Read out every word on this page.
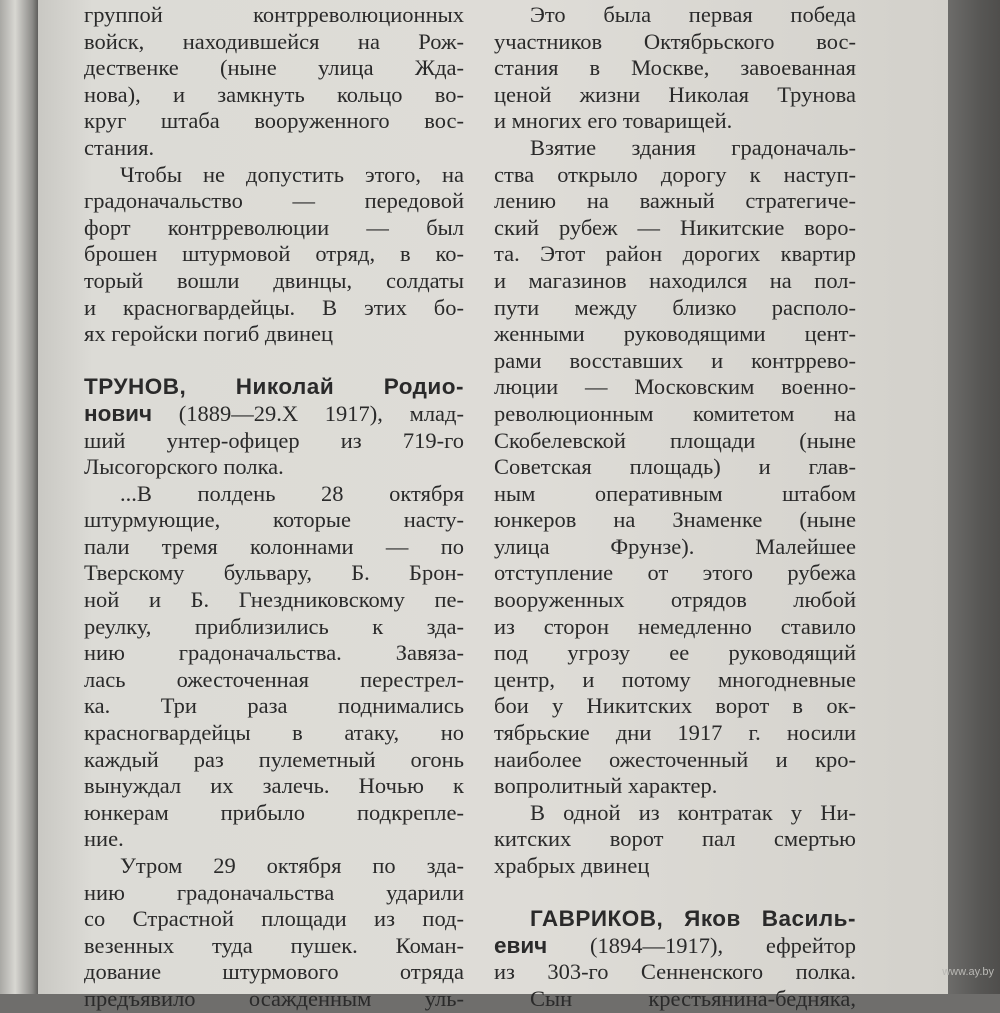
группой контрреволюционных
войск, находившейся на Рож-
дественке (ныне улица Жда-
нова), и замкнуть кольцо во-
круг штаба вооруженного вос-
стания.
Чтобы не допустить этого, на
градоначальство — передовой
форт контрреволюции — был
брошен штурмовой отряд, в ко-
торый вошли двинцы, солдаты
и красногвардейцы. В этих бо-
ях геройски погиб двинец
ТРУНОВ, Николай Родио-
нович (1889—29.X 1917), млад-
ший унтер-офицер из 719-го
Лысогорского полка.
...В полдень 28 октября
штурмующие, которые насту-
пали тремя колоннами — по
Тверскому бульвару, Б. Брон-
ной и Б. Гнездниковскому пе-
реулку, приблизились к зда-
нию градоначальства. Завяза-
лась ожесточенная перестрел-
ка. Три раза поднимались
красногвардейцы в атаку, но
каждый раз пулеметный огонь
вынуждал их залечь. Ночью к
юнкерам прибыло подкрепле-
ние.
Утром 29 октября по зда-
нию градоначальства ударили
со Страстной площади из под-
везенных туда пушек. Коман-
дование штурмового отряда
предъявило осажденным уль-
Это была первая победа
участников Октябрьского вос-
стания в Москве, завоеванная
ценой жизни Николая Трунова
и многих его товарищей.
Взятие здания градоначаль-
ства открыло дорогу к наступ-
лению на важный стратегиче-
ский рубеж — Никитские воро-
та. Этот район дорогих квартир
и магазинов находился на пол-
пути между близко располо-
женными руководящими цент-
рами восставших и контррево-
люции — Московским военно-
революционным комитетом на
Скобелевской площади (ныне
Советская площадь) и глав-
ным оперативным штабом
юнкеров на Знаменке (ныне
улица Фрунзе). Малейшее
отступление от этого рубежа
вооруженных отрядов любой
из сторон немедленно ставило
под угрозу ее руководящий
центр, и потому многодневные
бои у Никитских ворот в ок-
тябрьские дни 1917 г. носили
наиболее ожесточенный и кро-
вопролитный характер.
В одной из контратак у Ни-
китских ворот пал смертью
храбрых двинец
ГАВРИКОВ, Яков Василь-
евич (1894—1917), ефрейтор
из 303-го Сенненского полка.
Сын крестьянина-бедняка,
www.ay.by
